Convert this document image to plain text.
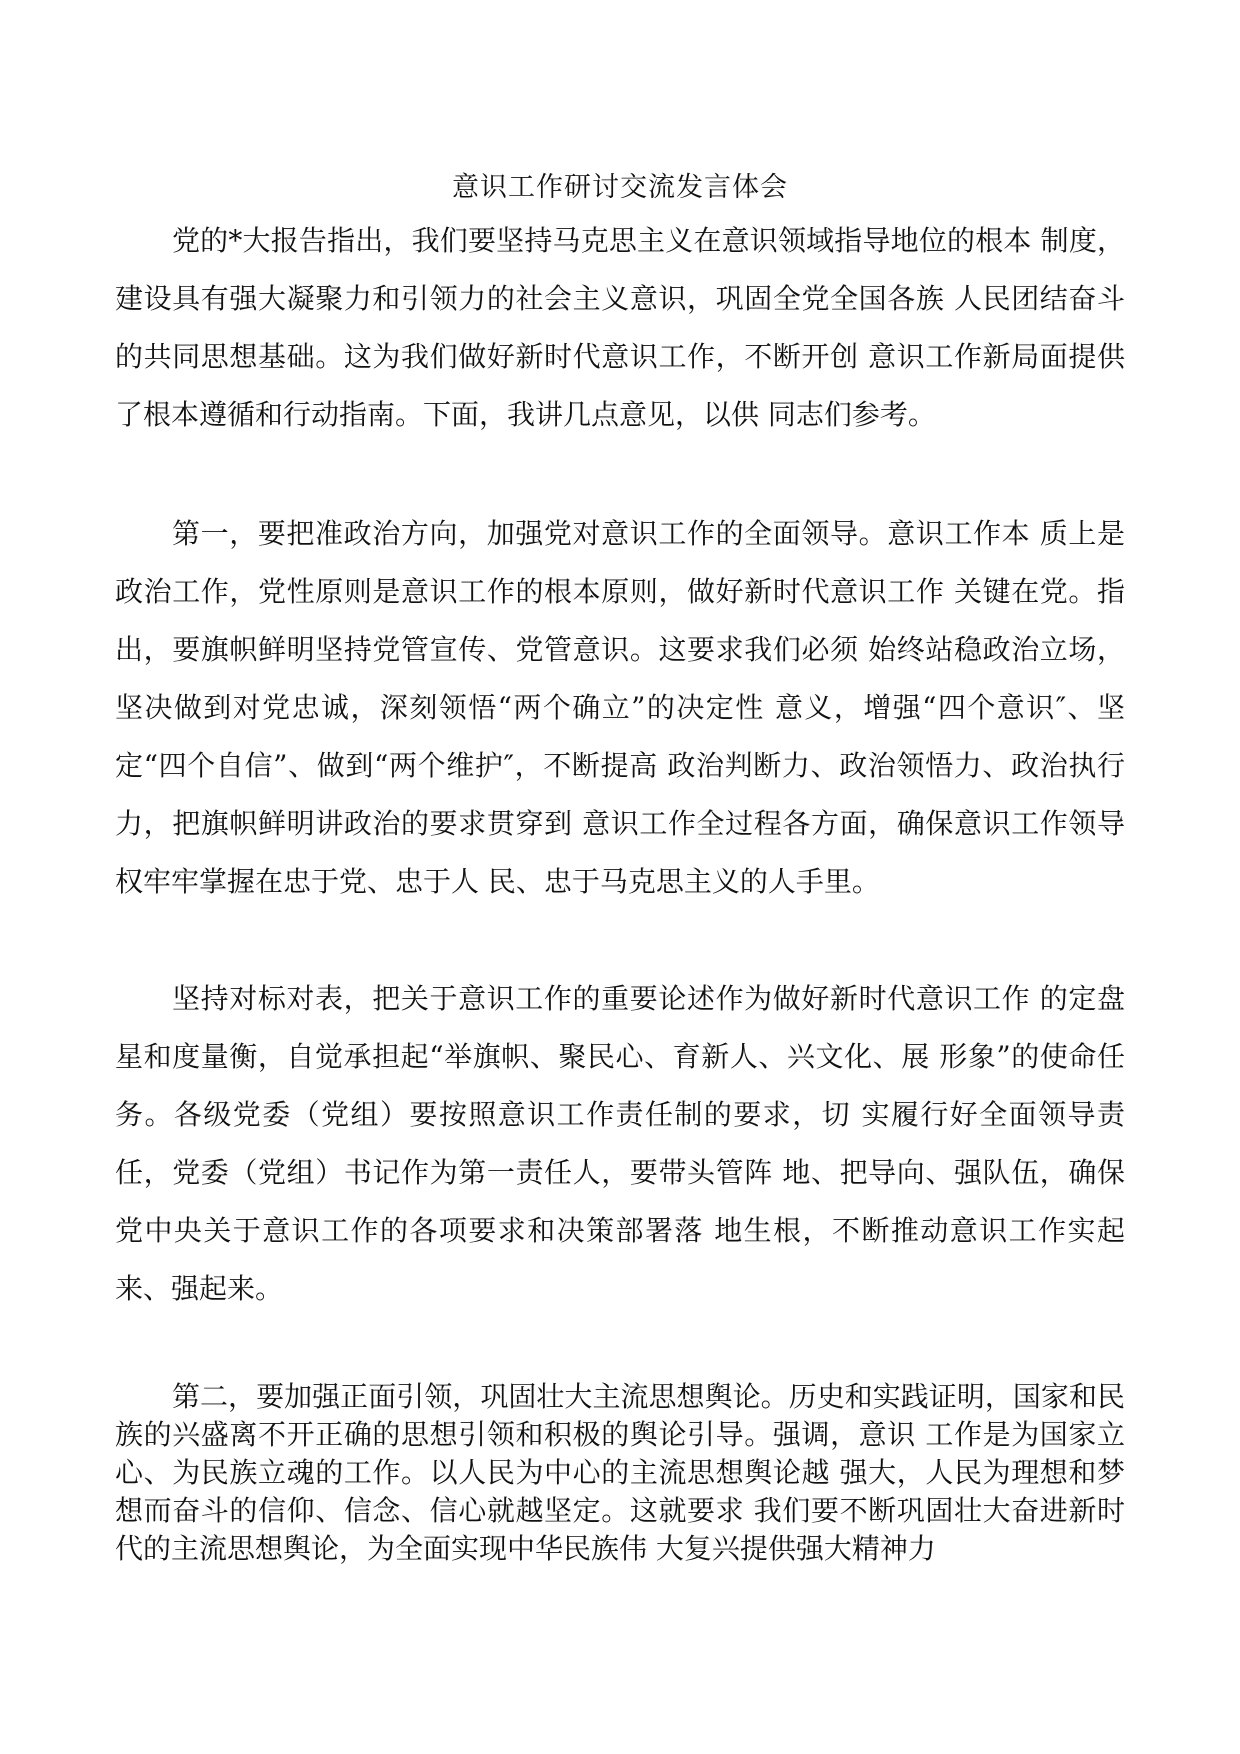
意识工作研讨交流发言体会

党的*大报告指出，我们要坚持马克思主义在意识领域指导地位的根本 制度，建设具有强大凝聚力和引领力的社会主义意识，巩固全党全国各族 人民团结奋斗的共同思想基础。这为我们做好新时代意识工作，不断开创 意识工作新局面提供了根本遵循和行动指南。下面，我讲几点意见，以供 同志们参考。

第一，要把准政治方向，加强党对意识工作的全面领导。意识工作本 质上是政治工作，党性原则是意识工作的根本原则，做好新时代意识工作 关键在党。指出，要旗帜鲜明坚持党管宣传、党管意识。这要求我们必须 始终站稳政治立场，坚决做到对党忠诚，深刻领悟“两个确立”的决定性 意义，增强“四个意识″、坚定“四个自信”、做到“两个维护″，不断提高 政治判断力、政治领悟力、政治执行力，把旗帜鲜明讲政治的要求贯穿到 意识工作全过程各方面，确保意识工作领导权牢牢掌握在忠于党、忠于人 民、忠于马克思主义的人手里。

坚持对标对表，把关于意识工作的重要论述作为做好新时代意识工作 的定盘星和度量衡，自觉承担起“举旗帜、聚民心、育新人、兴文化、展 形象”的使命任务。各级党委（党组）要按照意识工作责任制的要求，切 实履行好全面领导责任，党委（党组）书记作为第一责任人，要带头管阵 地、把导向、强队伍，确保党中央关于意识工作的各项要求和决策部署落 地生根，不断推动意识工作实起来、强起来。

第二，要加强正面引领，巩固壮大主流思想舆论。历史和实践证明，国家和民族的兴盛离不开正确的思想引领和积极的舆论引导。强调，意识 工作是为国家立心、为民族立魂的工作。以人民为中心的主流思想舆论越 强大，人民为理想和梦想而奋斗的信仰、信念、信心就越坚定。这就要求 我们要不断巩固壮大奋进新时代的主流思想舆论，为全面实现中华民族伟 大复兴提供强大精神力
